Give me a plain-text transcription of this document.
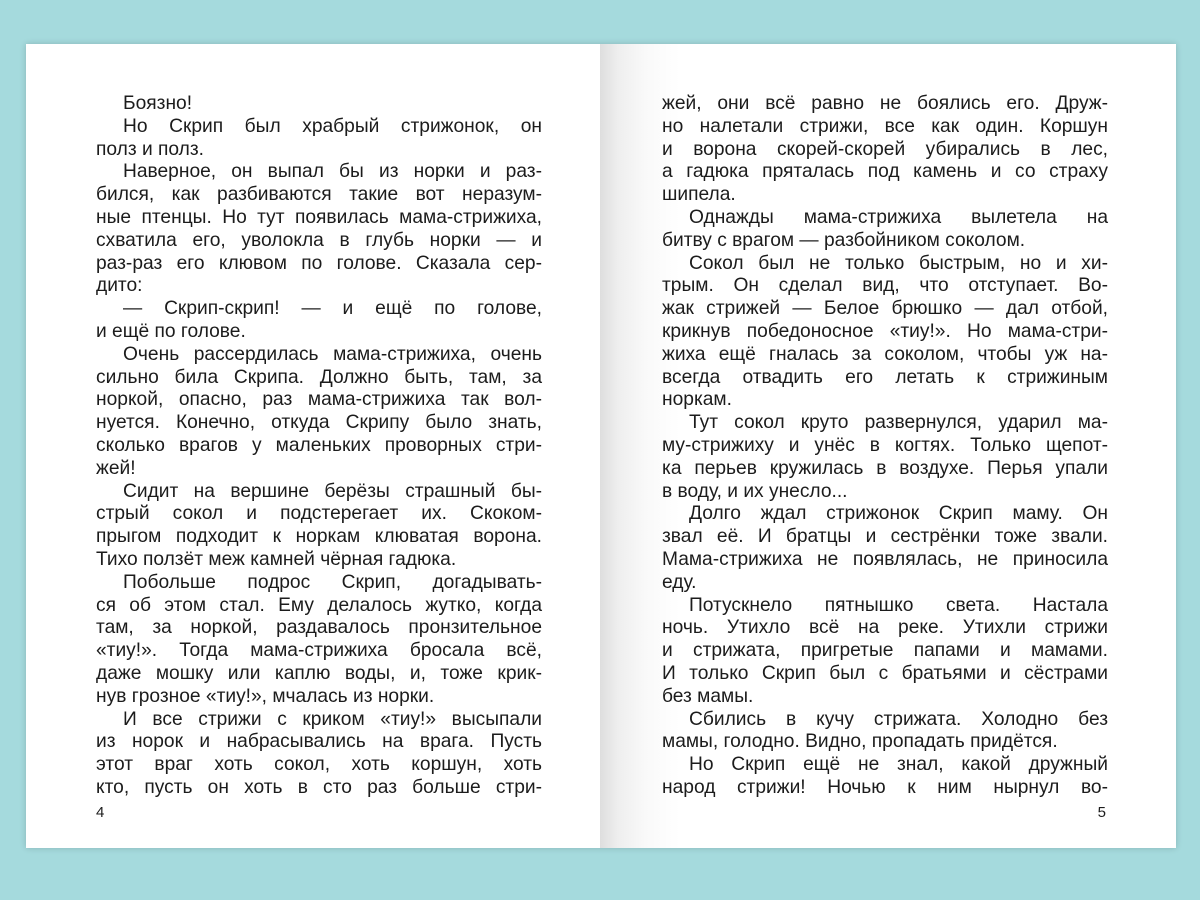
Боязно!
Но Скрип был храбрый стрижонок, он
полз и полз.
Наверное, он выпал бы из норки и раз-
бился, как разбиваются такие вот неразум-
ные птенцы. Но тут появилась мама-стрижиха,
схватила его, уволокла в глубь норки — и
раз-раз его клювом по голове. Сказала сер-
дито:
— Скрип-скрип! — и ещё по голове,
и ещё по голове.
Очень рассердилась мама-стрижиха, очень
сильно била Скрипа. Должно быть, там, за
норкой, опасно, раз мама-стрижиха так вол-
нуется. Конечно, откуда Скрипу было знать,
сколько врагов у маленьких проворных стри-
жей!
Сидит на вершине берёзы страшный бы-
стрый сокол и подстерегает их. Скоком-
прыгом подходит к норкам клюватая ворона.
Тихо ползёт меж камней чёрная гадюка.
Побольше подрос Скрип, догадывать-
ся об этом стал. Ему делалось жутко, когда
там, за норкой, раздавалось пронзительное
«тиу!». Тогда мама-стрижиха бросала всё,
даже мошку или каплю воды, и, тоже крик-
нув грозное «тиу!», мчалась из норки.
И все стрижи с криком «тиу!» высыпали
из норок и набрасывались на врага. Пусть
этот враг хоть сокол, хоть коршун, хоть
кто, пусть он хоть в сто раз больше стри-
4
жей, они всё равно не боялись его. Друж-
но налетали стрижи, все как один. Коршун
и ворона скорей-скорей убирались в лес,
а гадюка пряталась под камень и со страху
шипела.
Однажды мама-стрижиха вылетела на
битву с врагом — разбойником соколом.
Сокол был не только быстрым, но и хи-
трым. Он сделал вид, что отступает. Во-
жак стрижей — Белое брюшко — дал отбой,
крикнув победоносное «тиу!». Но мама-стри-
жиха ещё гналась за соколом, чтобы уж на-
всегда отвадить его летать к стрижиным
норкам.
Тут сокол круто развернулся, ударил ма-
му-стрижиху и унёс в когтях. Только щепот-
ка перьев кружилась в воздухе. Перья упали
в воду, и их унесло...
Долго ждал стрижонок Скрип маму. Он
звал её. И братцы и сестрёнки тоже звали.
Мама-стрижиха не появлялась, не приносила
еду.
Потускнело пятнышко света. Настала
ночь. Утихло всё на реке. Утихли стрижи
и стрижата, пригретые папами и мамами.
И только Скрип был с братьями и сёстрами
без мамы.
Сбились в кучу стрижата. Холодно без
мамы, голодно. Видно, пропадать придётся.
Но Скрип ещё не знал, какой дружный
народ стрижи! Ночью к ним нырнул во-
5
